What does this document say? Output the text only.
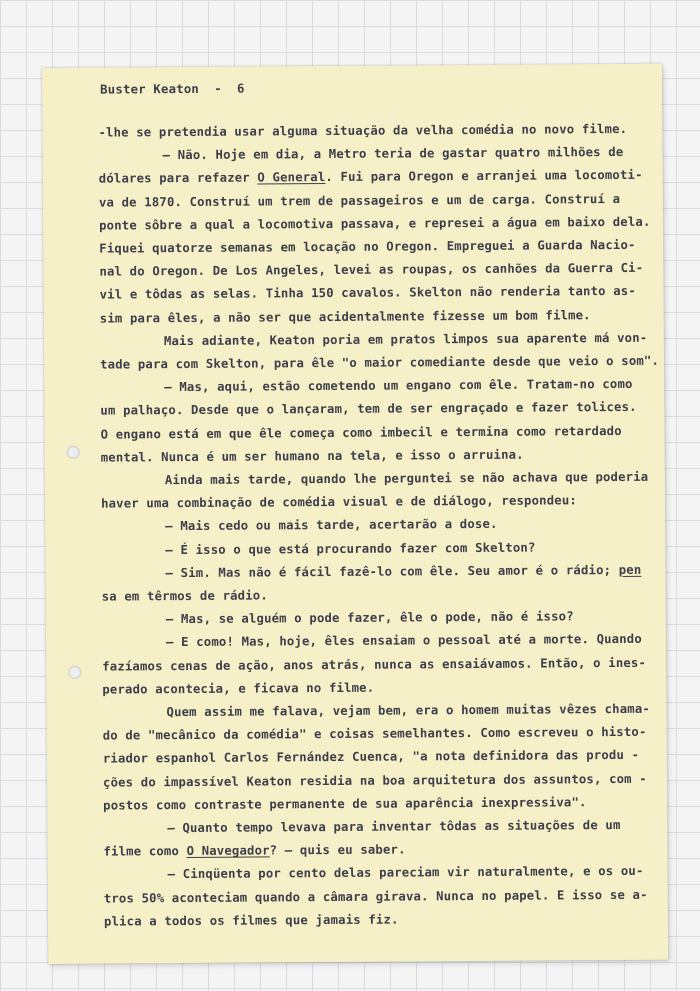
Buster Keaton  -  6
-lhe se pretendia usar alguma situação da velha comédia no novo filme.
— Não. Hoje em dia, a Metro teria de gastar quatro milhões de
dólares para refazer O General. Fui para Oregon e arranjei uma locomoti-
va de 1870. Construí um trem de passageiros e um de carga. Construí a
ponte sôbre a qual a locomotiva passava, e represei a água em baixo dela.
Fiquei quatorze semanas em locação no Oregon. Empreguei a Guarda Nacio-
nal do Oregon. De Los Angeles, levei as roupas, os canhões da Guerra Ci-
vil e tôdas as selas. Tinha 150 cavalos. Skelton não renderia tanto as-
sim para êles, a não ser que acidentalmente fizesse um bom filme.
Mais adiante, Keaton poria em pratos limpos sua aparente má von-
tade para com Skelton, para êle "o maior comediante desde que veio o som".
— Mas, aqui, estão cometendo um engano com êle. Tratam-no como
um palhaço. Desde que o lançaram, tem de ser engraçado e fazer tolices.
O engano está em que êle começa como imbecil e termina como retardado
mental. Nunca é um ser humano na tela, e isso o arruina.
Ainda mais tarde, quando lhe perguntei se não achava que poderia
haver uma combinação de comédia visual e de diálogo, respondeu:
— Mais cedo ou mais tarde, acertarão a dose.
— É isso o que está procurando fazer com Skelton?
— Sim. Mas não é fácil fazê-lo com êle. Seu amor é o rádio; pen
sa em têrmos de rádio.
— Mas, se alguém o pode fazer, êle o pode, não é isso?
— E como! Mas, hoje, êles ensaiam o pessoal até a morte. Quando
fazíamos cenas de ação, anos atrás, nunca as ensaiávamos. Então, o ines-
perado acontecia, e ficava no filme.
Quem assim me falava, vejam bem, era o homem muitas vêzes chama-
do de "mecânico da comédia" e coisas semelhantes. Como escreveu o histo-
riador espanhol Carlos Fernández Cuenca, "a nota definidora das produ -
ções do impassível Keaton residia na boa arquitetura dos assuntos, com -
postos como contraste permanente de sua aparência inexpressiva".
— Quanto tempo levava para inventar tôdas as situações de um
filme como O Navegador? — quis eu saber.
— Cinqüenta por cento delas pareciam vir naturalmente, e os ou-
tros 50% aconteciam quando a câmara girava. Nunca no papel. E isso se a-
plica a todos os filmes que jamais fiz.
